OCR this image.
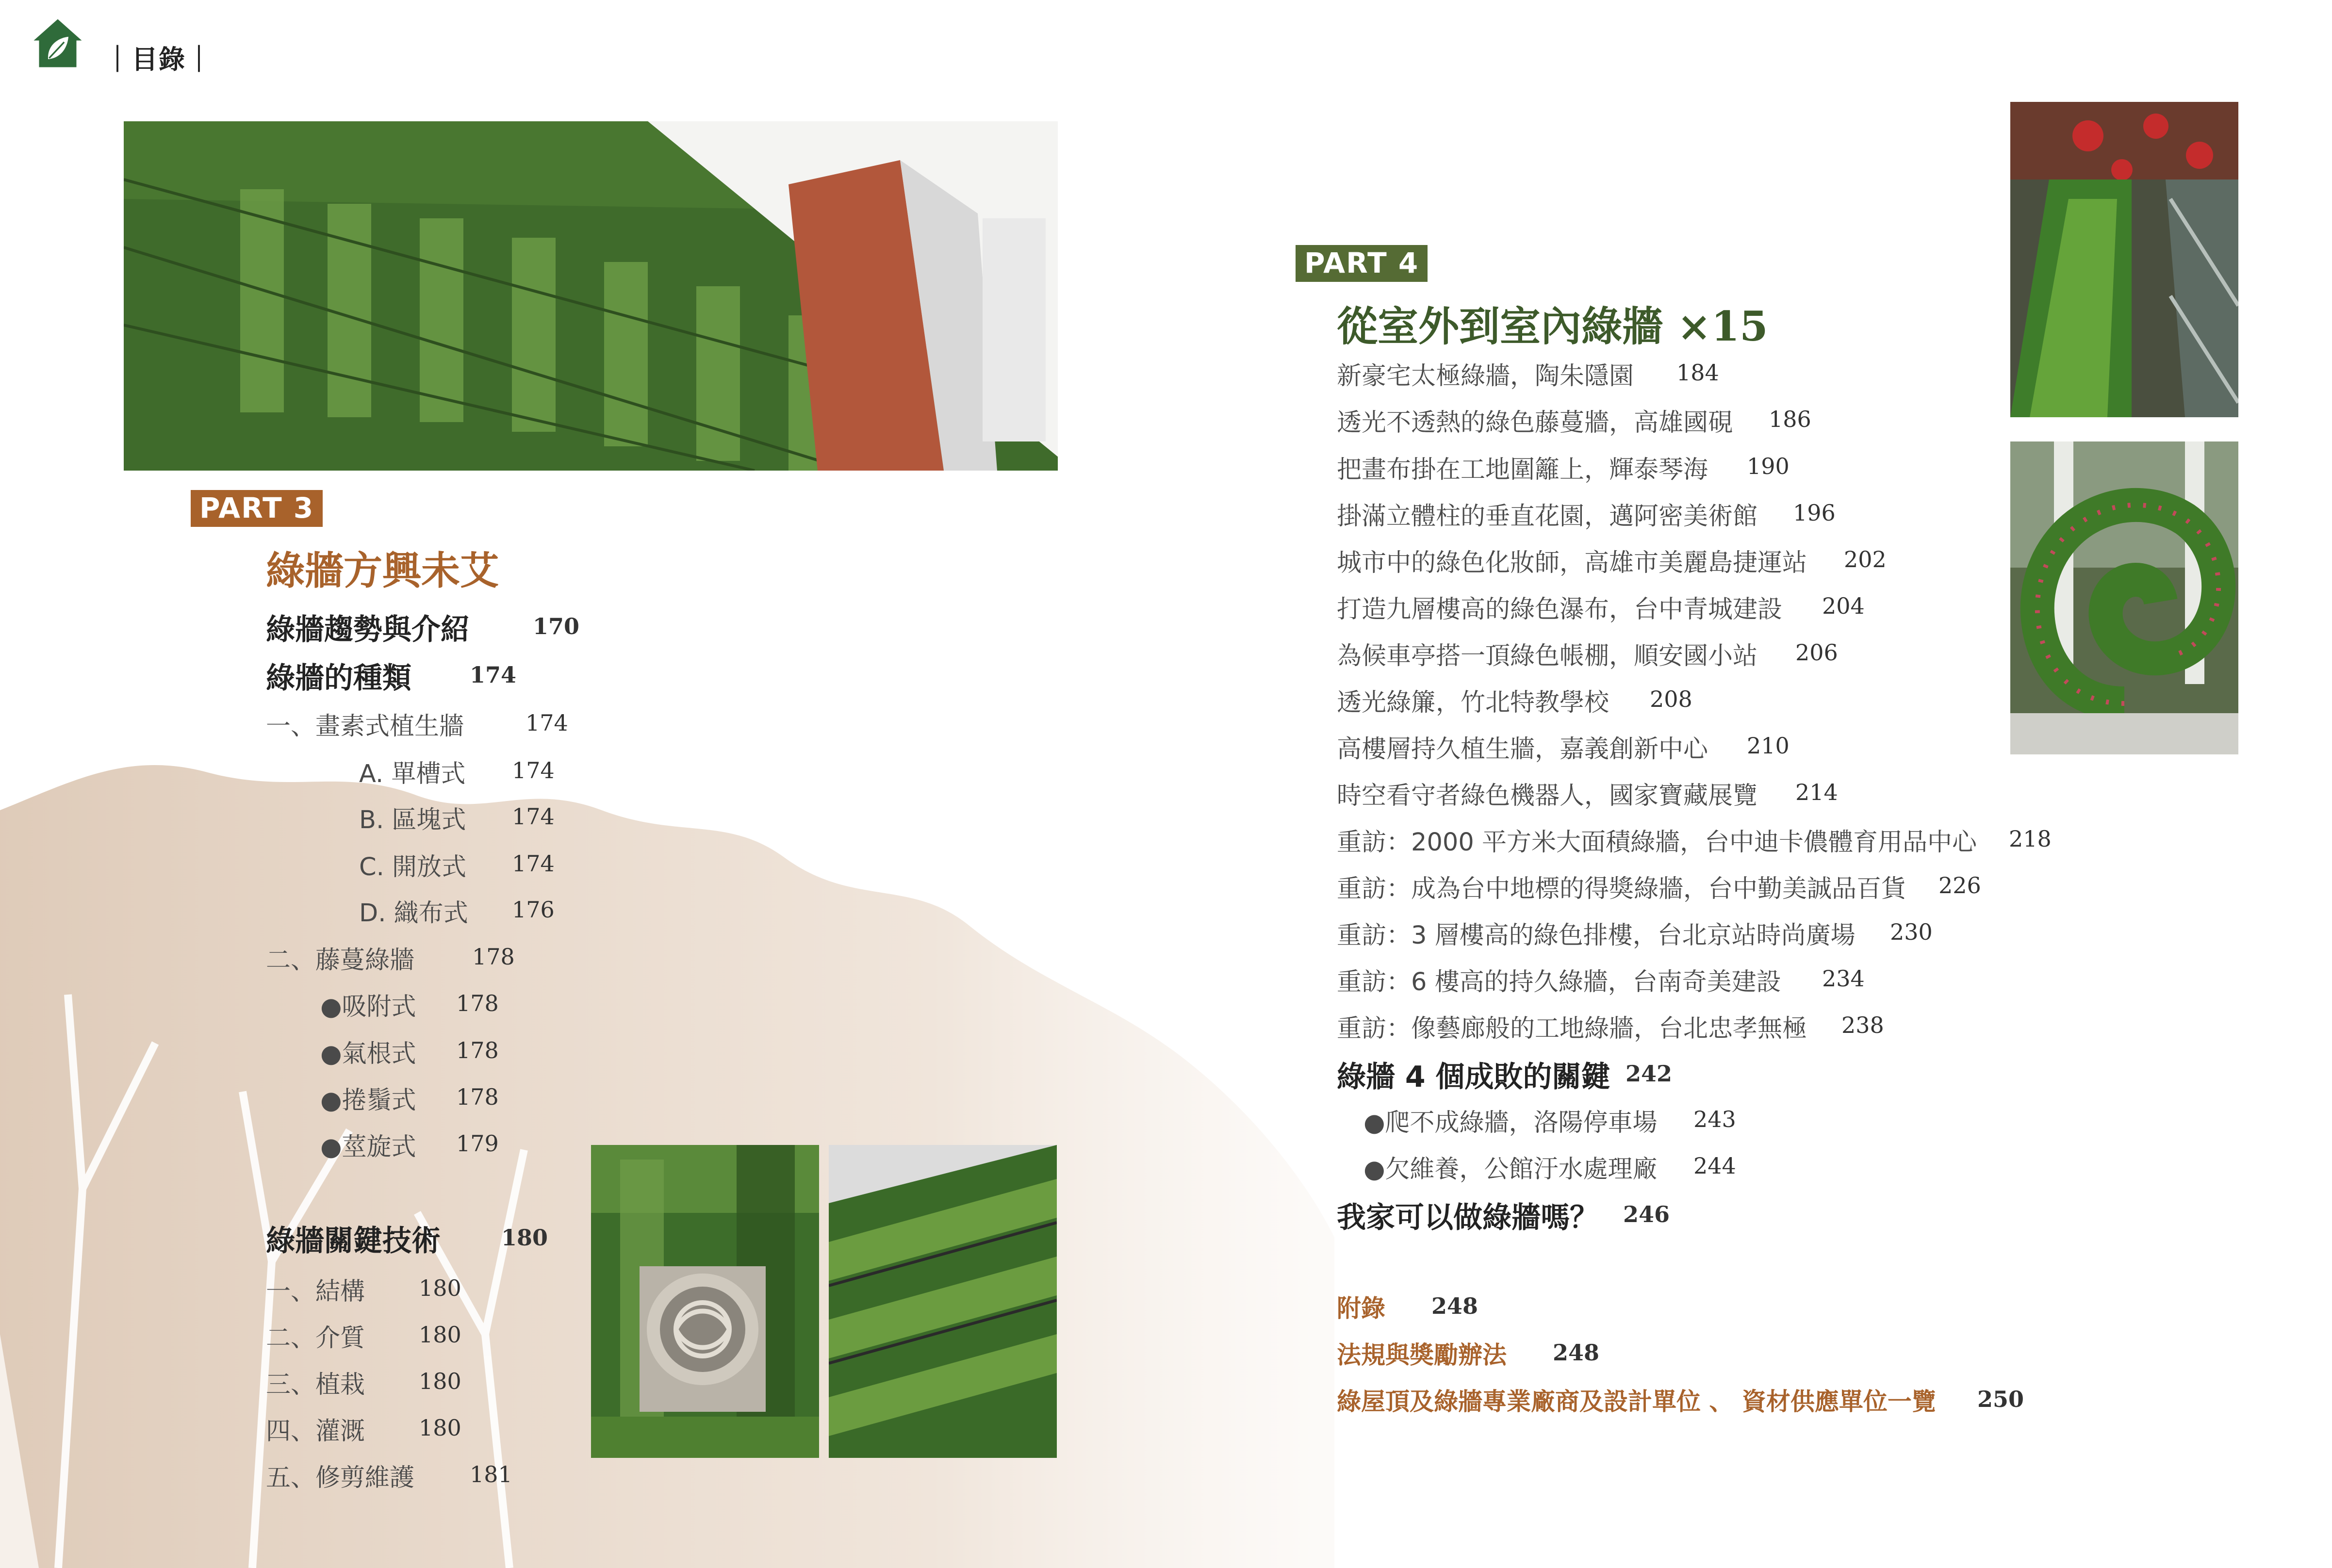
｜目錄｜
PART 3
綠牆方興未艾
綠牆趨勢與介紹	170
綠牆的種類	174
一、畫素式植生牆	174
A. 單槽式 174
B. 區塊式 174
C. 開放式 174
D. 織布式 176
二、藤蔓綠牆	178
●吸附式 178
●氣根式 178
●捲鬚式 178
●莖旋式 179
綠牆關鍵技術	180
一、結構 180
二、介質 180
三、植栽 180
四、灌溉 180
五、修剪維護 181
PART 4
從室外到室內綠牆 ×15
新豪宅太極綠牆，陶朱隱園 184
透光不透熱的綠色藤蔓牆，高雄國硯 186
把畫布掛在工地圍籬上，輝泰琴海 190
掛滿立體柱的垂直花園，邁阿密美術館 196
城市中的綠色化妝師，高雄市美麗島捷運站 202
打造九層樓高的綠色瀑布，台中青城建設 204
為候車亭搭一頂綠色帳棚，順安國小站 206
透光綠簾，竹北特教學校 208
高樓層持久植生牆，嘉義創新中心 210
時空看守者綠色機器人，國家寶藏展覽 214
重訪：2000 平方米大面積綠牆，台中迪卡儂體育用品中心 218
重訪：成為台中地標的得獎綠牆，台中勤美誠品百貨 226
重訪：3 層樓高的綠色排樓，台北京站時尚廣場 230
重訪：6 樓高的持久綠牆，台南奇美建設 234
重訪：像藝廊般的工地綠牆，台北忠孝無極 238
綠牆 4 個成敗的關鍵 242
●爬不成綠牆，洛陽停車場 243
●欠維養，公館汙水處理廠 244
我家可以做綠牆嗎？ 246
附錄 248
法規與獎勵辦法 248
綠屋頂及綠牆專業廠商及設計單位 、 資材供應單位一覽 250
